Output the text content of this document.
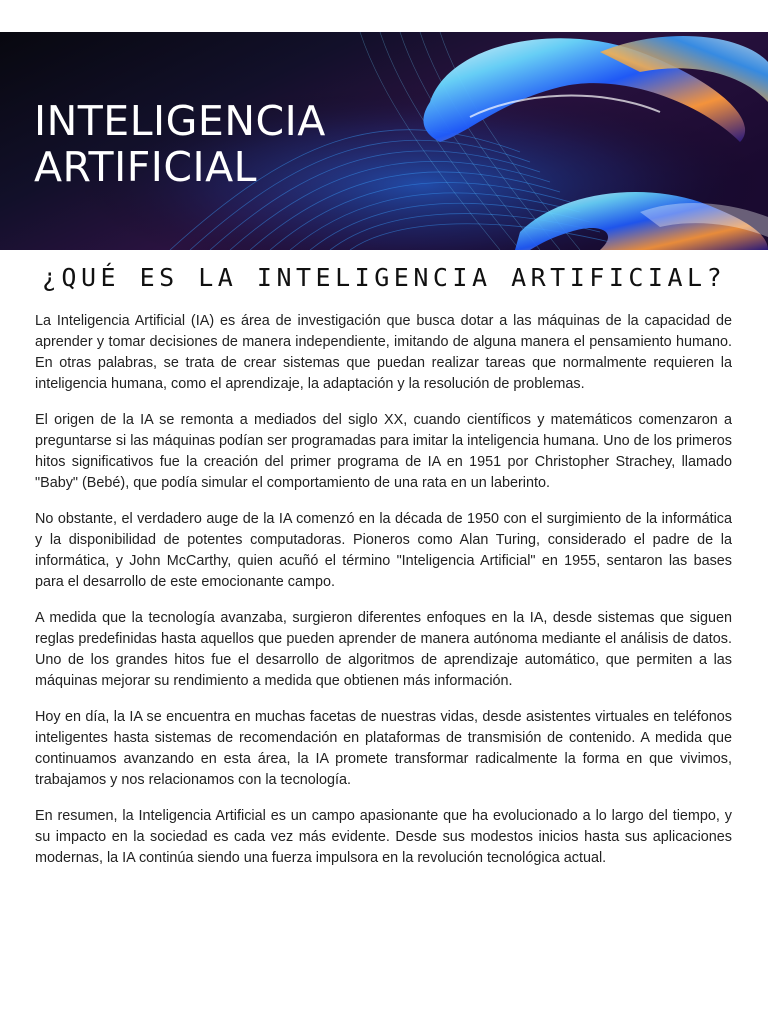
INTELIGENCIA
ARTIFICIAL
¿QUÉ ES LA INTELIGENCIA ARTIFICIAL?

La Inteligencia Artificial (IA) es área de investigación que busca dotar a las máquinas de la capacidad de aprender y tomar decisiones de manera independiente, imitando de alguna manera el pensamiento humano. En otras palabras, se trata de crear sistemas que puedan realizar tareas que normalmente requieren la inteligencia humana, como el aprendizaje, la adaptación y la resolución de problemas.

El origen de la IA se remonta a mediados del siglo XX, cuando científicos y matemáticos comenzaron a preguntarse si las máquinas podían ser programadas para imitar la inteligencia humana. Uno de los primeros hitos significativos fue la creación del primer programa de IA en 1951 por Christopher Strachey, llamado "Baby" (Bebé), que podía simular el comportamiento de una rata en un laberinto.

No obstante, el verdadero auge de la IA comenzó en la década de 1950 con el surgimiento de la informática y la disponibilidad de potentes computadoras. Pioneros como Alan Turing, considerado el padre de la informática, y John McCarthy, quien acuñó el término "Inteligencia Artificial" en 1955, sentaron las bases para el desarrollo de este emocionante campo.

A medida que la tecnología avanzaba, surgieron diferentes enfoques en la IA, desde sistemas que siguen reglas predefinidas hasta aquellos que pueden aprender de manera autónoma mediante el análisis de datos. Uno de los grandes hitos fue el desarrollo de algoritmos de aprendizaje automático, que permiten a las máquinas mejorar su rendimiento a medida que obtienen más información.

Hoy en día, la IA se encuentra en muchas facetas de nuestras vidas, desde asistentes virtuales en teléfonos inteligentes hasta sistemas de recomendación en plataformas de transmisión de contenido. A medida que continuamos avanzando en esta área, la IA promete transformar radicalmente la forma en que vivimos, trabajamos y nos relacionamos con la tecnología.

En resumen, la Inteligencia Artificial es un campo apasionante que ha evolucionado a lo largo del tiempo, y su impacto en la sociedad es cada vez más evidente. Desde sus modestos inicios hasta sus aplicaciones modernas, la IA continúa siendo una fuerza impulsora en la revolución tecnológica actual.
